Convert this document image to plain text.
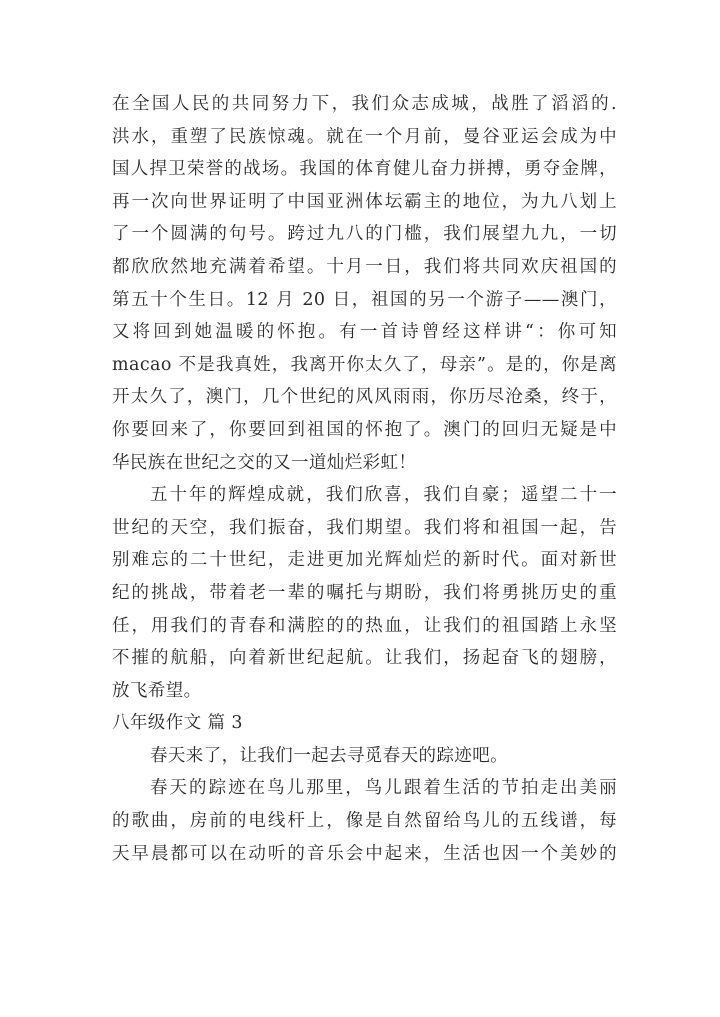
在全国人民的共同努力下，我们众志成城，战胜了滔滔的.
洪水，重塑了民族惊魂。就在一个月前，曼谷亚运会成为中
国人捍卫荣誉的战场。我国的体育健儿奋力拼搏，勇夺金牌，
再一次向世界证明了中国亚洲体坛霸主的地位，为九八划上
了一个圆满的句号。跨过九八的门槛，我们展望九九，一切
都欣欣然地充满着希望。十月一日，我们将共同欢庆祖国的
第五十个生日。12 月 20 日，祖国的另一个游子——澳门，
又将回到她温暖的怀抱。有一首诗曾经这样讲“：你可知
macao 不是我真姓，我离开你太久了，母亲”。是的，你是离
开太久了，澳门，几个世纪的风风雨雨，你历尽沧桑，终于，
你要回来了，你要回到祖国的怀抱了。澳门的回归无疑是中
华民族在世纪之交的又一道灿烂彩虹！
五十年的辉煌成就，我们欣喜，我们自豪；遥望二十一
世纪的天空，我们振奋，我们期望。我们将和祖国一起，告
别难忘的二十世纪，走进更加光辉灿烂的新时代。面对新世
纪的挑战，带着老一辈的嘱托与期盼，我们将勇挑历史的重
任，用我们的青春和满腔的的热血，让我们的祖国踏上永坚
不摧的航船，向着新世纪起航。让我们，扬起奋飞的翅膀，
放飞希望。
八年级作文 篇 3
春天来了，让我们一起去寻觅春天的踪迹吧。
春天的踪迹在鸟儿那里，鸟儿跟着生活的节拍走出美丽
的歌曲，房前的电线杆上，像是自然留给鸟儿的五线谱，每
天早晨都可以在动听的音乐会中起来，生活也因一个美妙的
